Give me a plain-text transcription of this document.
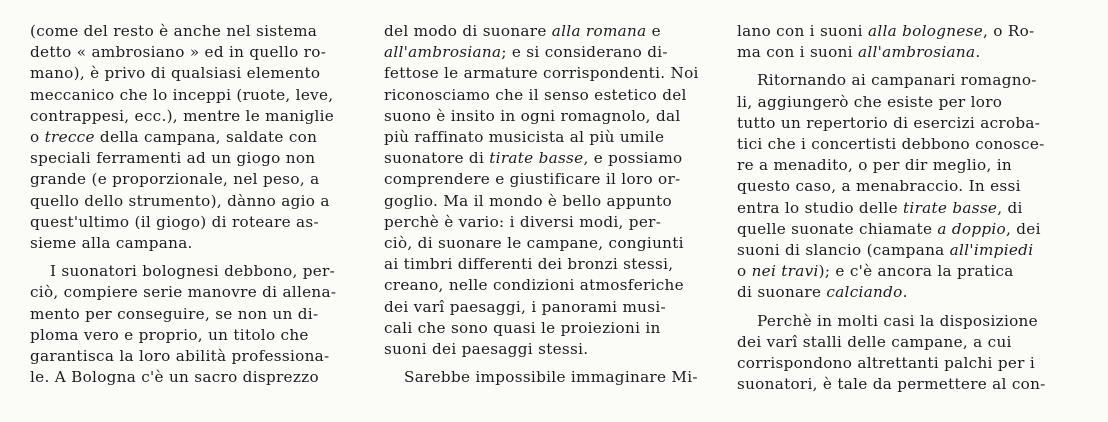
(come del resto è anche nel sistema
detto « ambrosiano » ed in quello ro-
mano), è privo di qualsiasi elemento
meccanico che lo inceppi (ruote, leve,
contrappesi, ecc.), mentre le maniglie
o trecce della campana, saldate con
speciali ferramenti ad un giogo non
grande (e proporzionale, nel peso, a
quello dello strumento), dànno agio a
quest'ultimo (il giogo) di roteare as-
sieme alla campana.
I suonatori bolognesi debbono, per-
ciò, compiere serie manovre di allena-
mento per conseguire, se non un di-
ploma vero e proprio, un titolo che
garantisca la loro abilità professiona-
le. A Bologna c'è un sacro disprezzo
del modo di suonare alla romana e
all'ambrosiana; e si considerano di-
fettose le armature corrispondenti. Noi
riconosciamo che il senso estetico del
suono è insito in ogni romagnolo, dal
più raffinato musicista al più umile
suonatore di tirate basse, e possiamo
comprendere e giustificare il loro or-
goglio. Ma il mondo è bello appunto
perchè è vario: i diversi modi, per-
ciò, di suonare le campane, congiunti
ai timbri differenti dei bronzi stessi,
creano, nelle condizioni atmosferiche
dei varî paesaggi, i panorami musi-
cali che sono quasi le proiezioni in
suoni dei paesaggi stessi.
Sarebbe impossibile immaginare Mi-
lano con i suoni alla bolognese, o Ro-
ma con i suoni all'ambrosiana.
Ritornando ai campanari romagno-
li, aggiungerò che esiste per loro
tutto un repertorio di esercizi acroba-
tici che i concertisti debbono conosce-
re a menadito, o per dir meglio, in
questo caso, a menabraccio. In essi
entra lo studio delle tirate basse, di
quelle suonate chiamate a doppio, dei
suoni di slancio (campana all'impiedi
o nei travi); e c'è ancora la pratica
di suonare calciando.
Perchè in molti casi la disposizione
dei varî stalli delle campane, a cui
corrispondono altrettanti palchi per i
suonatori, è tale da permettere al con-
